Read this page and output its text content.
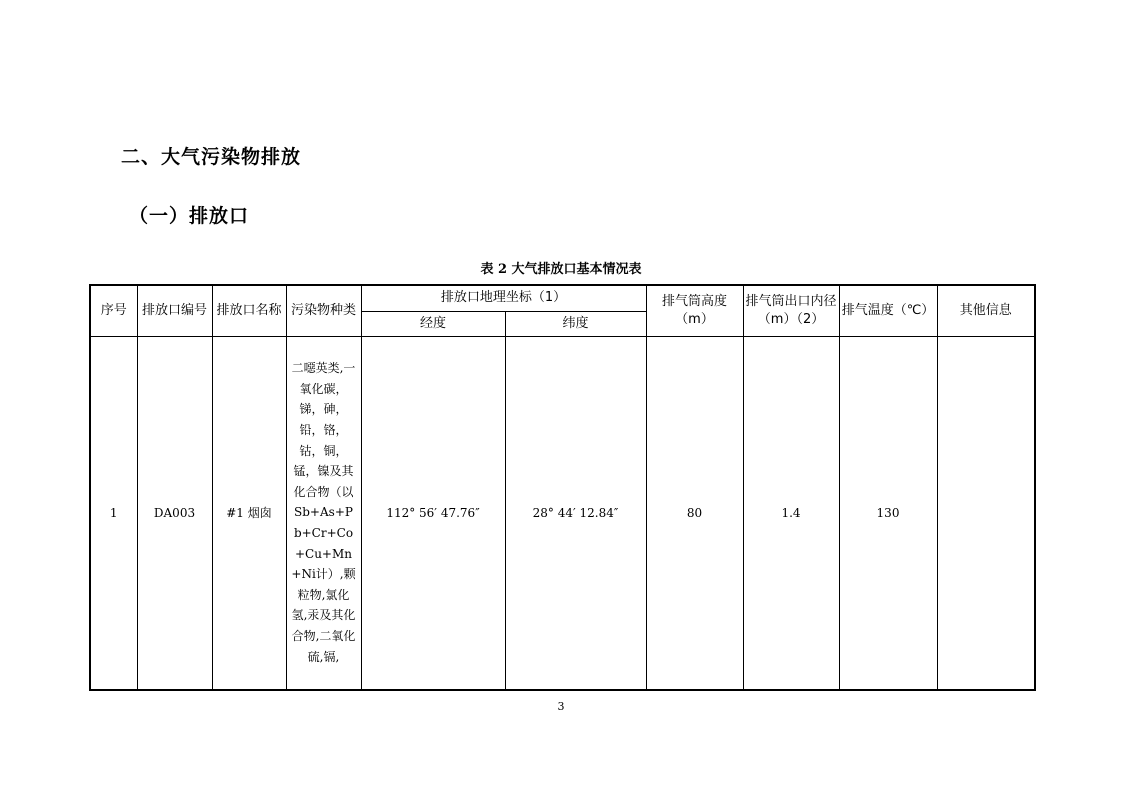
二、大气污染物排放
（一）排放口
表 2 大气排放口基本情况表
序号	排放口编号	排放口名称	污染物种类	排放口地理坐标（1）		排气筒高度（m）	排气筒出口内径（m）（2）	排气温度（℃）	其他信息
				经度	纬度				
1	DA003	#1 烟囱	二噁英类,一氧化碳，锑，砷，铅，铬，钴，铜，锰，镍及其化合物（以Sb+As+Pb+Cr+Co+Cu+Mn+Ni计）,颗粒物,氯化氢,汞及其化合物,二氧化硫,镉,	112° 56′ 47.76″	28° 44′ 12.84″	80	1.4	130	
3
